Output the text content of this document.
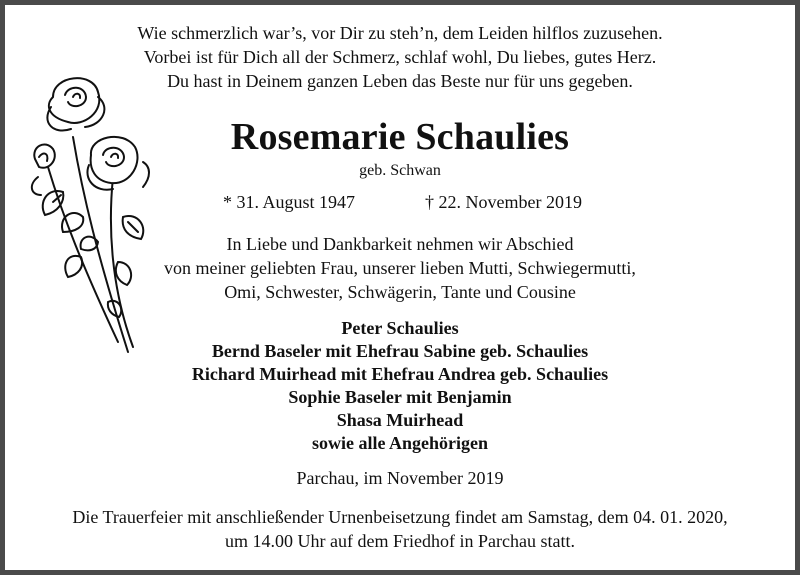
Wie schmerzlich war’s, vor Dir zu steh’n, dem Leiden hilflos zuzusehen.
Vorbei ist für Dich all der Schmerz, schlaf wohl, Du liebes, gutes Herz.
Du hast in Deinem ganzen Leben das Beste nur für uns gegeben.
Rosemarie Schaulies
geb. Schwan
* 31. August 1947	† 22. November 2019
In Liebe und Dankbarkeit nehmen wir Abschied
von meiner geliebten Frau, unserer lieben Mutti, Schwiegermutti,
Omi, Schwester, Schwägerin, Tante und Cousine
Peter Schaulies
Bernd Baseler mit Ehefrau Sabine geb. Schaulies
Richard Muirhead mit Ehefrau Andrea geb. Schaulies
Sophie Baseler mit Benjamin
Shasa Muirhead
sowie alle Angehörigen
Parchau, im November 2019
Die Trauerfeier mit anschließender Urnenbeisetzung findet am Samstag, dem 04. 01. 2020,
um 14.00 Uhr auf dem Friedhof in Parchau statt.
